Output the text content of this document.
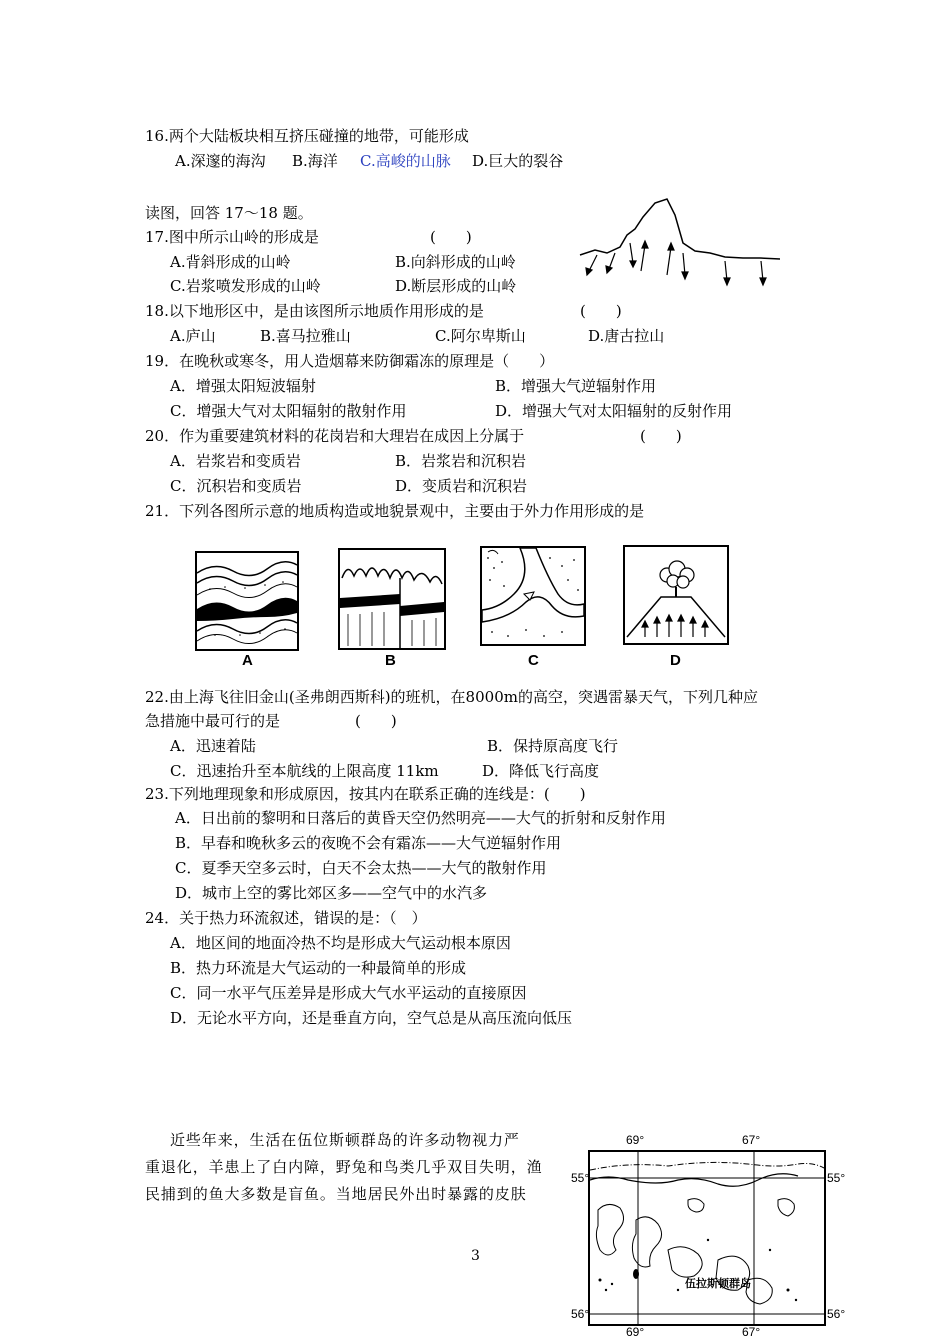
16.两个大陆板块相互挤压碰撞的地带，可能形成
A.深邃的海沟 B.海洋 C.高峻的山脉 D.巨大的裂谷
读图，回答 17～18 题。
17.图中所示山岭的形成是	(　　)
A.背斜形成的山岭	B.向斜形成的山岭
C.岩浆喷发形成的山岭	D.断层形成的山岭
18.以下地形区中，是由该图所示地质作用形成的是	(　　)
A.庐山	B.喜马拉雅山	C.阿尔卑斯山	D.唐古拉山
19．在晚秋或寒冬，用人造烟幕来防御霜冻的原理是（　　）
A．增强太阳短波辐射	B．增强大气逆辐射作用
C．增强大气对太阳辐射的散射作用	D．增强大气对太阳辐射的反射作用
20．作为重要建筑材料的花岗岩和大理岩在成因上分属于	(　　)
A．岩浆岩和变质岩	B．岩浆岩和沉积岩
C．沉积岩和变质岩	D．变质岩和沉积岩
21．下列各图所示意的地质构造或地貌景观中，主要由于外力作用形成的是
A	B	C	D
22.由上海飞往旧金山(圣弗朗西斯科)的班机，在8000m的高空，突遇雷暴天气，下列几种应
急措施中最可行的是	(　　)
A．迅速着陆	B．保持原高度飞行
C．迅速抬升至本航线的上限高度 11km	D．降低飞行高度
23.下列地理现象和形成原因，按其内在联系正确的连线是：(　　)
A．日出前的黎明和日落后的黄昏天空仍然明亮——大气的折射和反射作用
B．早春和晚秋多云的夜晚不会有霜冻——大气逆辐射作用
C．夏季天空多云时，白天不会太热——大气的散射作用
D．城市上空的雾比郊区多——空气中的水汽多
24．关于热力环流叙述，错误的是：（　）
A．地区间的地面冷热不均是形成大气运动根本原因
B．热力环流是大气运动的一种最简单的形成
C．同一水平气压差异是形成大气水平运动的直接原因
D．无论水平方向，还是垂直方向，空气总是从高压流向低压
近些年来，生活在伍位斯顿群岛的许多动物视力严
重退化，羊患上了白内障，野兔和鸟类几乎双目失明，渔
民捕到的鱼大多数是盲鱼。当地居民外出时暴露的皮肤
69°	67°
55°	55°
56°	56°
69°	67°
伍拉斯顿群岛
3
